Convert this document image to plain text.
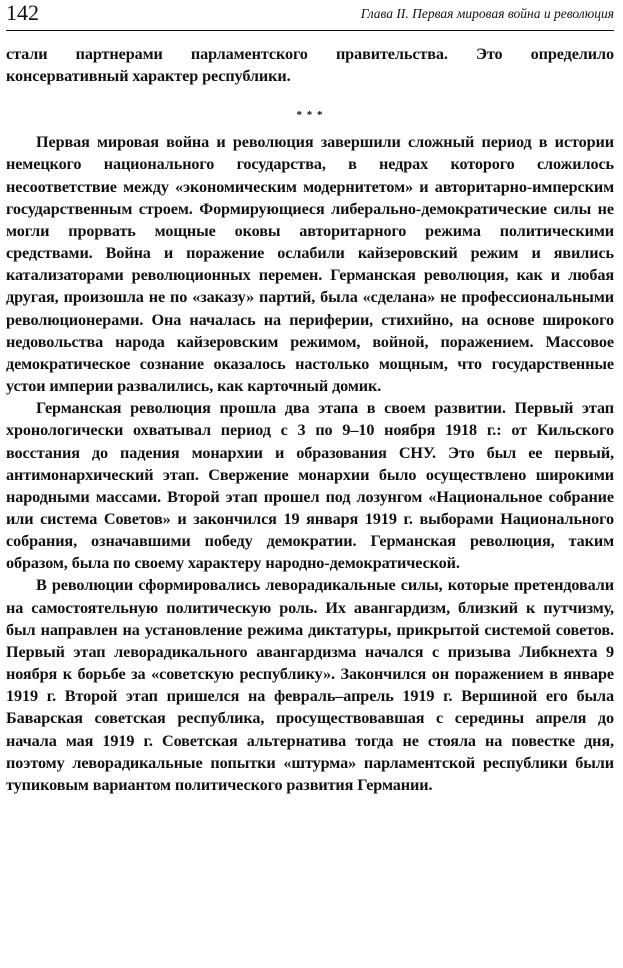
142	Глава II. Первая мировая война и революция

стали партнерами парламентского правительства. Это определило консервативный характер республики.

* * *

Первая мировая война и революция завершили сложный период в истории немецкого национального государства, в недрах которого сложилось несоответствие между «экономическим модернитетом» и авторитарно-имперским государственным строем. Формирующиеся либерально-демократические силы не могли прорвать мощные оковы авторитарного режима политическими средствами. Война и поражение ослабили кайзеровский режим и явились катализаторами революционных перемен. Германская революция, как и любая другая, произошла не по «заказу» партий, была «сделана» не профессиональными революционерами. Она началась на периферии, стихийно, на основе широкого недовольства народа кайзеровским режимом, войной, поражением. Массовое демократическое сознание оказалось настолько мощным, что государственные устои империи развалились, как карточный домик.

Германская революция прошла два этапа в своем развитии. Первый этап хронологически охватывал период с 3 по 9–10 ноября 1918 г.: от Кильского восстания до падения монархии и образования СНУ. Это был ее первый, антимонархический этап. Свержение монархии было осуществлено широкими народными массами. Второй этап прошел под лозунгом «Национальное собрание или система Советов» и закончился 19 января 1919 г. выборами Национального собрания, означавшими победу демократии. Германская революция, таким образом, была по своему характеру народно-демократической.

В революции сформировались леворадикальные силы, которые претендовали на самостоятельную политическую роль. Их авангардизм, близкий к путчизму, был направлен на установление режима диктатуры, прикрытой системой советов. Первый этап леворадикального авангардизма начался с призыва Либкнехта 9 ноября к борьбе за «советскую республику». Закончился он поражением в январе 1919 г. Второй этап пришелся на февраль–апрель 1919 г. Вершиной его была Баварская советская республика, просуществовавшая с середины апреля до начала мая 1919 г. Советская альтернатива тогда не стояла на повестке дня, поэтому леворадикальные попытки «штурма» парламентской республики были тупиковым вариантом политического развития Германии.
